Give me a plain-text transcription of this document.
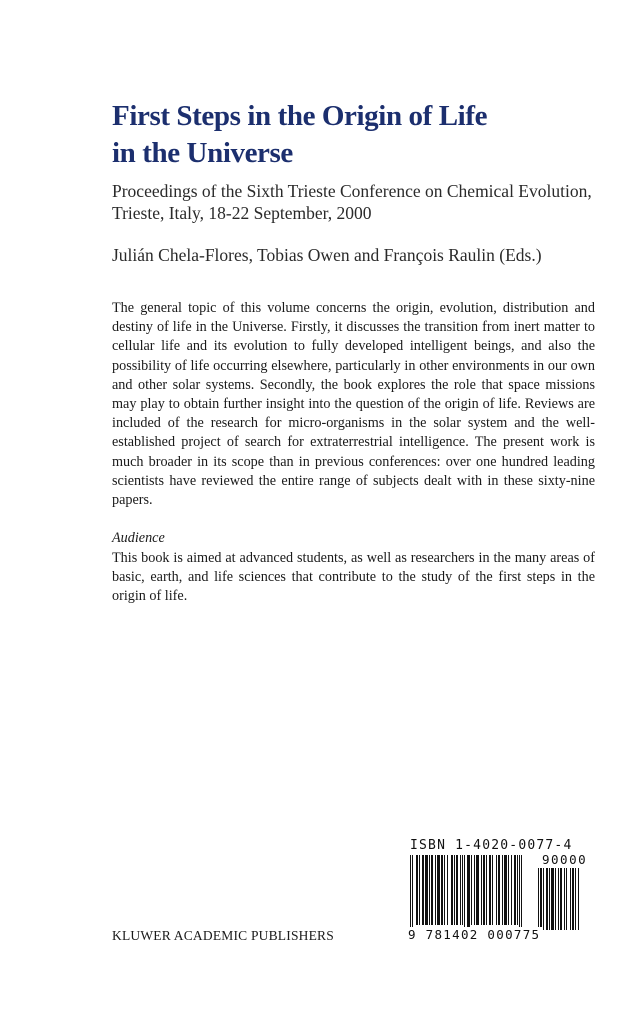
First Steps in the Origin of Life
in the Universe
Proceedings of the Sixth Trieste Conference on Chemical Evolution,
Trieste, Italy, 18-22 September, 2000
Julián Chela-Flores, Tobias Owen and François Raulin (Eds.)

The general topic of this volume concerns the origin, evolution, distribution and destiny of life in the Universe. Firstly, it discusses the transition from inert matter to cellular life and its evolution to fully developed intelligent beings, and also the possibility of life occurring elsewhere, particularly in other environments in our own and other solar systems. Secondly, the book explores the role that space missions may play to obtain further insight into the question of the origin of life. Reviews are included of the research for micro-organisms in the solar system and the well-established project of search for extraterrestrial intelligence. The present work is much broader in its scope than in previous conferences: over one hundred leading scientists have reviewed the entire range of subjects dealt with in these sixty-nine papers.

Audience

This book is aimed at advanced students, as well as researchers in the many areas of basic, earth, and life sciences that contribute to the study of the first steps in the origin of life.

KLUWER ACADEMIC PUBLISHERS
ISBN 1-4020-0077-4
90000
9 781402 000775
